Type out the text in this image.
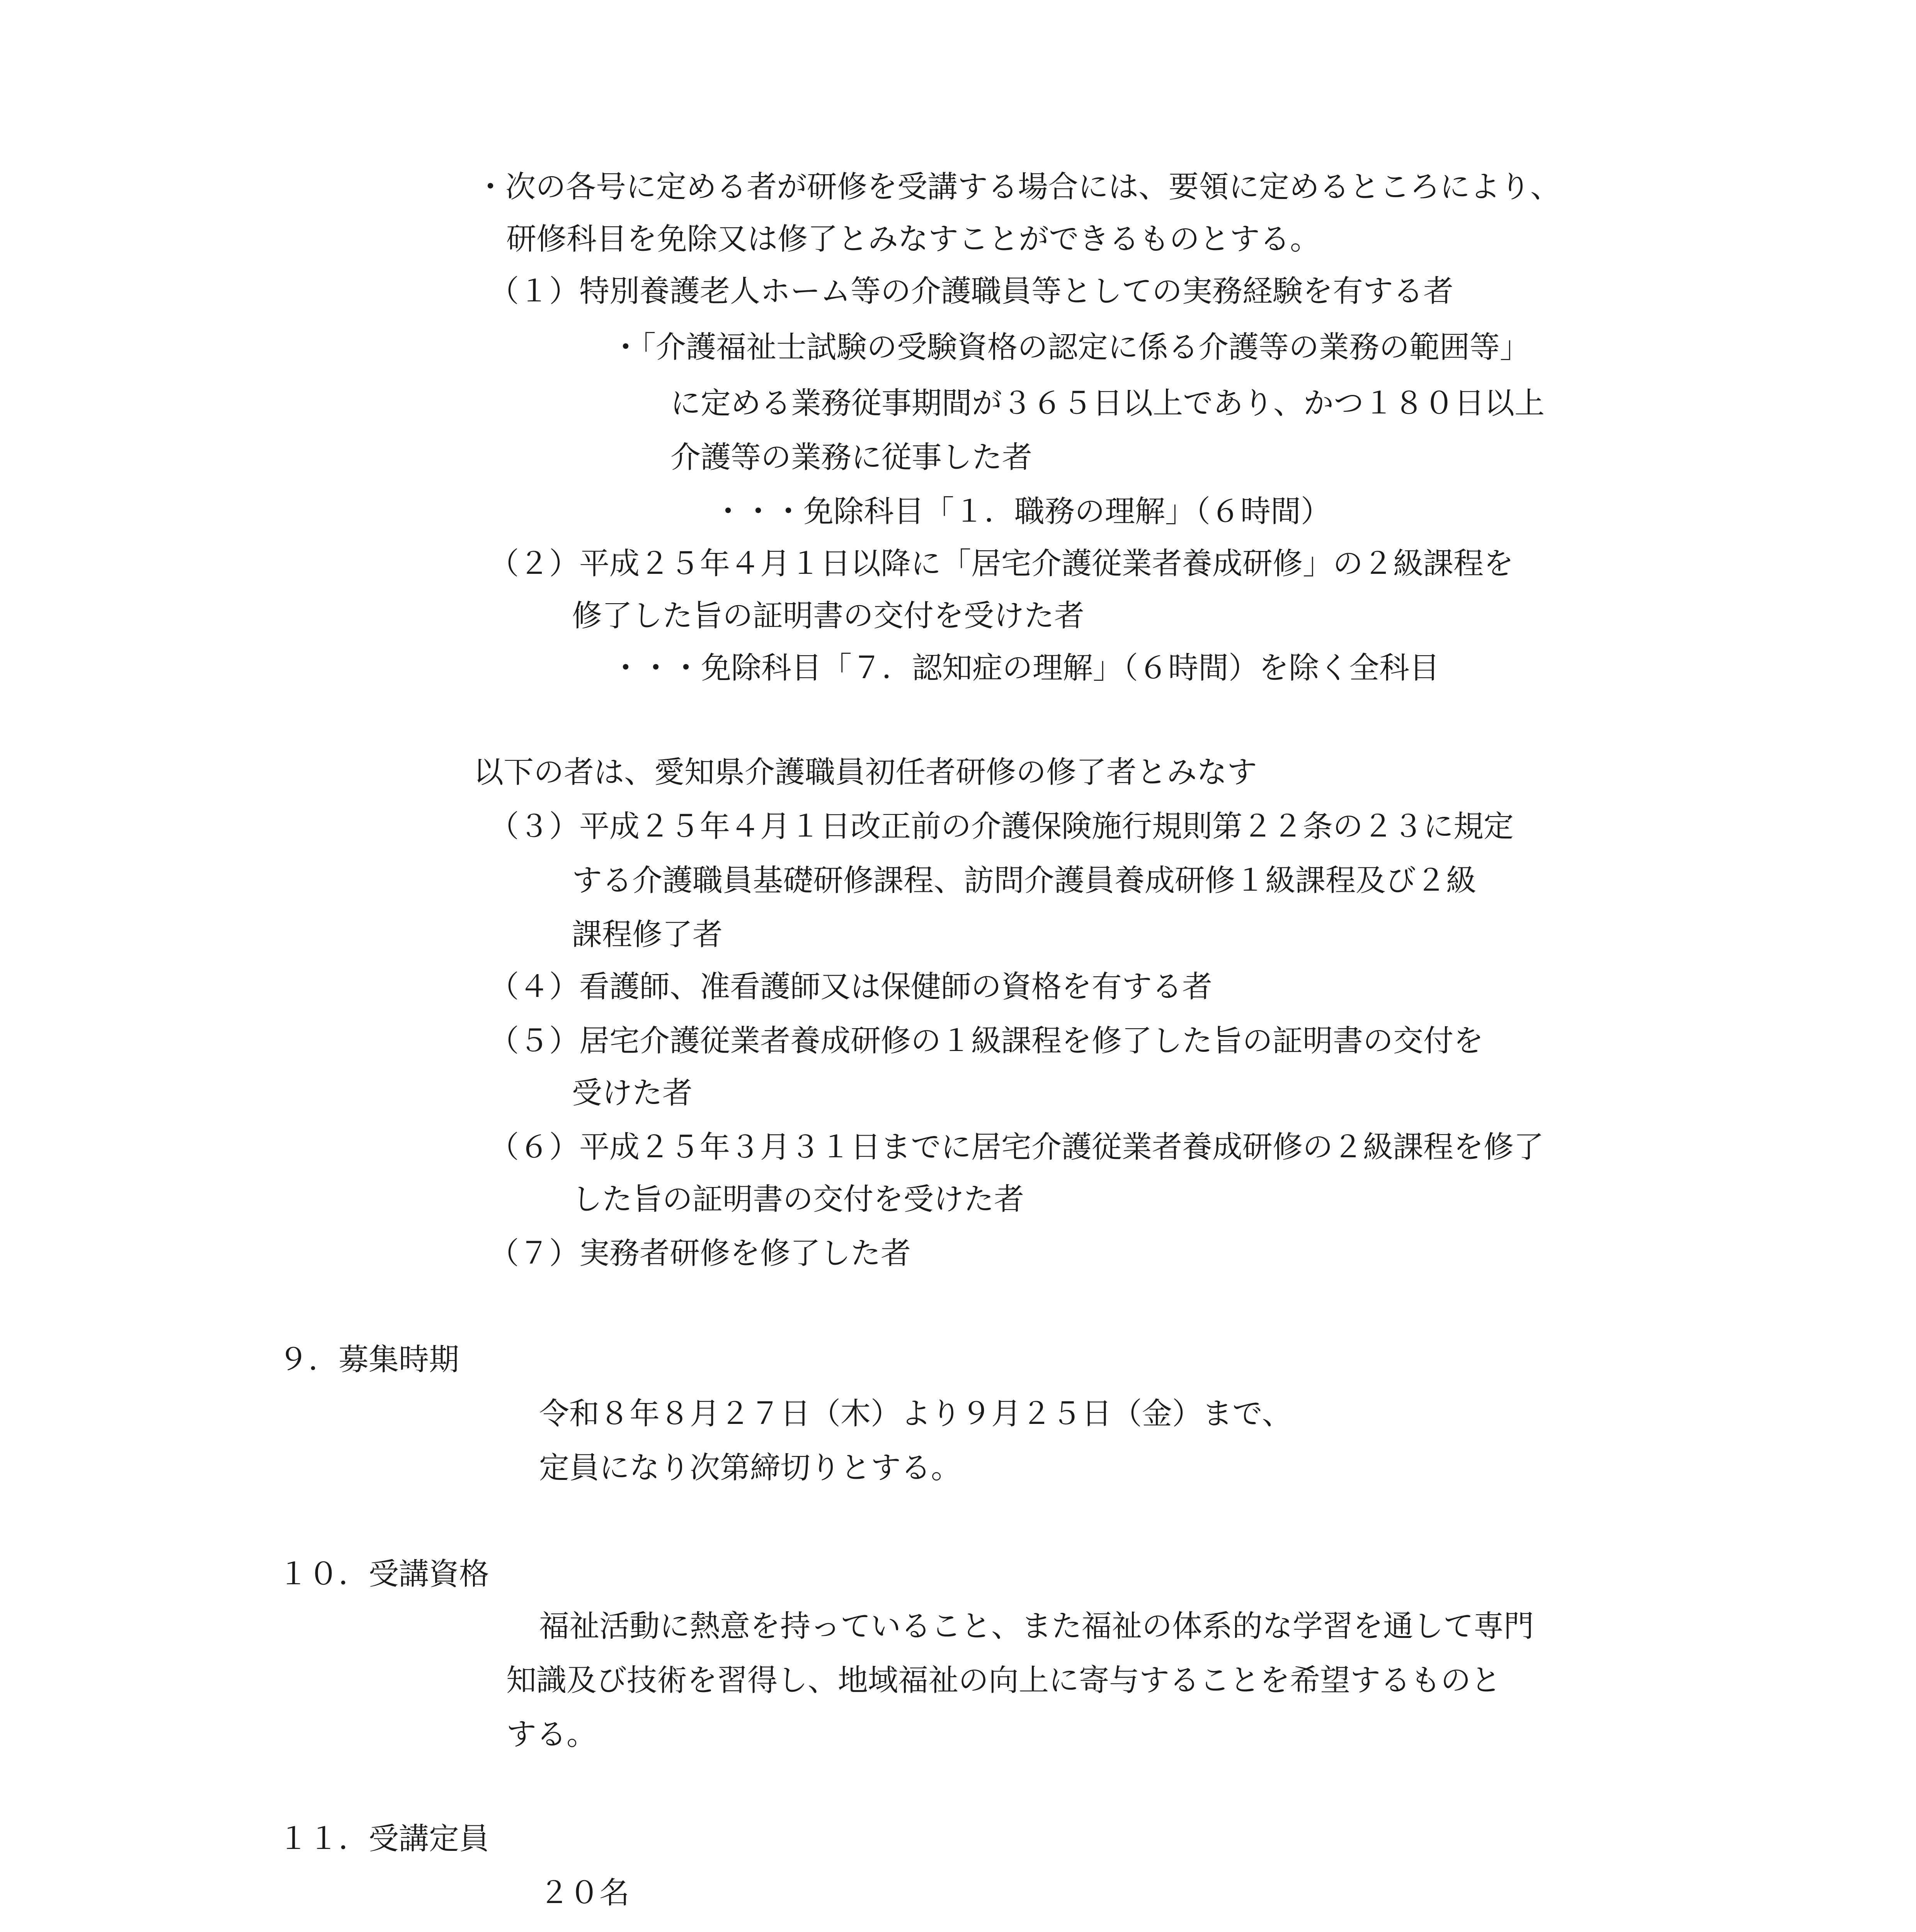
・次の各号に定める者が研修を受講する場合には、要領に定めるところにより、
研修科目を免除又は修了とみなすことができるものとする。
（１）特別養護老人ホーム等の介護職員等としての実務経験を有する者
・「介護福祉士試験の受験資格の認定に係る介護等の業務の範囲等」
に定める業務従事期間が３６５日以上であり、かつ１８０日以上
介護等の業務に従事した者
・・・免除科目「１．職務の理解」（６時間）
（２）平成２５年４月１日以降に「居宅介護従業者養成研修」の２級課程を
修了した旨の証明書の交付を受けた者
・・・免除科目「７．認知症の理解」（６時間）を除く全科目
以下の者は、愛知県介護職員初任者研修の修了者とみなす
（３）平成２５年４月１日改正前の介護保険施行規則第２２条の２３に規定
する介護職員基礎研修課程、訪問介護員養成研修１級課程及び２級
課程修了者
（４）看護師、准看護師又は保健師の資格を有する者
（５）居宅介護従業者養成研修の１級課程を修了した旨の証明書の交付を
受けた者
（６）平成２５年３月３１日までに居宅介護従業者養成研修の２級課程を修了
した旨の証明書の交付を受けた者
（７）実務者研修を修了した者
９．募集時期
令和８年８月２７日（木）より９月２５日（金）まで、
定員になり次第締切りとする。
１０．受講資格
福祉活動に熱意を持っていること、また福祉の体系的な学習を通して専門
知識及び技術を習得し、地域福祉の向上に寄与することを希望するものと
する。
１１．受講定員
２０名
